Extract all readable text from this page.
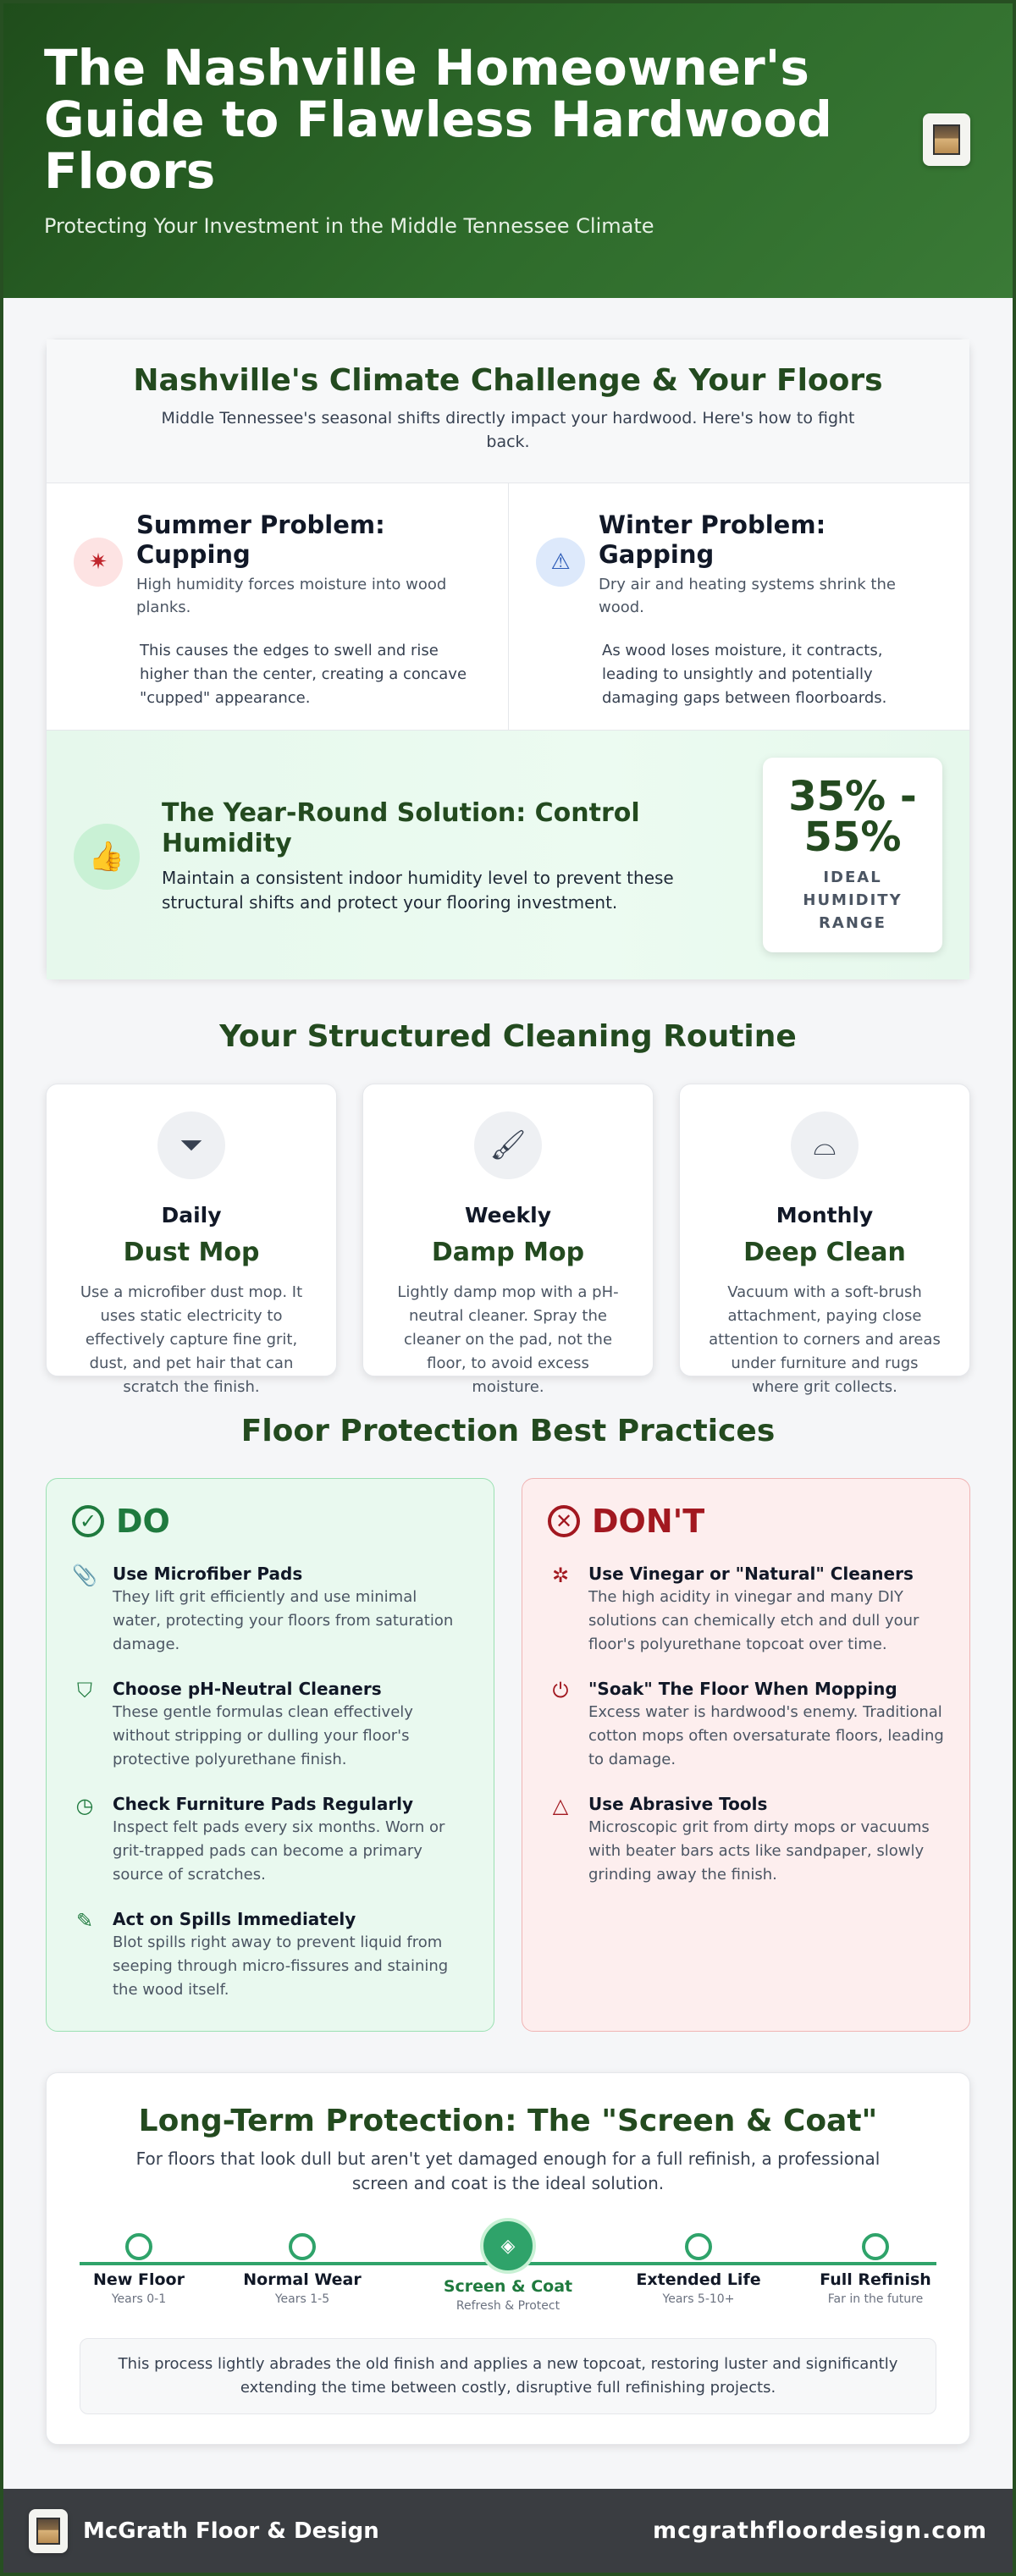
The Nashville Homeowner's Guide to Flawless Hardwood Floors

Protecting Your Investment in the Middle Tennessee Climate

Nashville's Climate Challenge & Your Floors

Middle Tennessee's seasonal shifts directly impact your hardwood. Here's how to fight back.

✷
Summer Problem: Cupping
High humidity forces moisture into wood planks.
This causes the edges to swell and rise higher than the center, creating a concave "cupped" appearance.
⚠
Winter Problem: Gapping
Dry air and heating systems shrink the wood.
As wood loses moisture, it contracts, leading to unsightly and potentially damaging gaps between floorboards.
👍
The Year-Round Solution: Control Humidity
Maintain a consistent indoor humidity level to prevent these structural shifts and protect your flooring investment.
35% - 55%
IDEAL HUMIDITY RANGE
Your Structured Cleaning Routine
⏷
Daily
Dust Mop
Use a microfiber dust mop. It uses static electricity to effectively capture fine grit, dust, and pet hair that can scratch the finish.
🖌
Weekly
Damp Mop
Lightly damp mop with a pH-neutral cleaner. Spray the cleaner on the pad, not the floor, to avoid excess moisture.
⌓
Monthly
Deep Clean
Vacuum with a soft-brush attachment, paying close attention to corners and areas under furniture and rugs where grit collects.
Floor Protection Best Practices
✓ DO
📎 Use Microfiber Pads
They lift grit efficiently and use minimal water, protecting your floors from saturation damage.
⛉	Choose pH-Neutral Cleaners
These gentle formulas clean effectively without stripping or dulling your floor's protective polyurethane finish.
◷ Check Furniture Pads Regularly
Inspect felt pads every six months. Worn or grit-trapped pads can become a primary source of scratches.
✎ Act on Spills Immediately
Blot spills right away to prevent liquid from seeping through micro-fissures and staining the wood itself.
✕ DON'T
✲ Use Vinegar or "Natural" Cleaners
The high acidity in vinegar and many DIY solutions can chemically etch and dull your floor's polyurethane topcoat over time.
⏻ "Soak" The Floor When Mopping
Excess water is hardwood's enemy. Traditional cotton mops often oversaturate floors, leading to damage.
△ Use Abrasive Tools
Microscopic grit from dirty mops or vacuums with beater bars acts like sandpaper, slowly grinding away the finish.
Long-Term Protection: The "Screen & Coat"

For floors that look dull but aren't yet damaged enough for a full refinish, a professional screen and coat is the ideal solution.

New Floor
Years 0-1
Normal Wear
Years 1-5
◈
Screen & Coat
Refresh & Protect
Extended Life
Years 5-10+
Full Refinish
Far in the future
This process lightly abrades the old finish and applies a new topcoat, restoring luster and significantly extending the time between costly, disruptive full refinishing projects.
McGrath Floor & Design	mcgrathfloordesign.com
